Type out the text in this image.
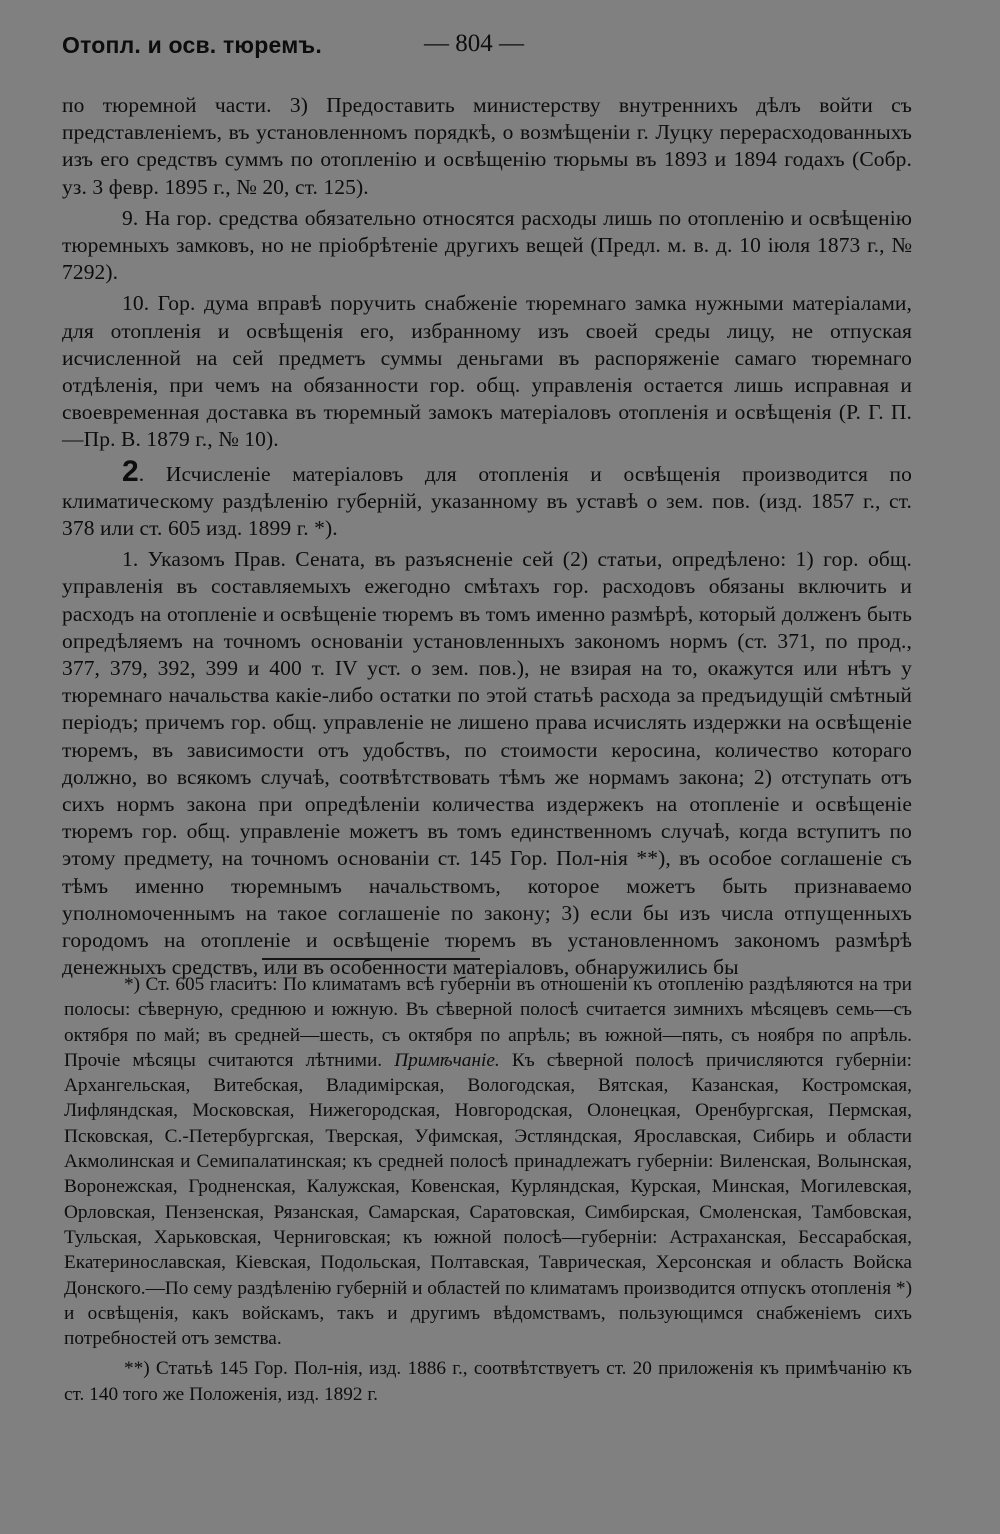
Отопл. и осв. тюремъ.	— 804 —

по тюремной части. 3) Предоставить министерству внутреннихъ дѣлъ войти съ представленіемъ, въ установленномъ порядкѣ, о возмѣщеніи г. Луцку перерасходованныхъ изъ его средствъ суммъ по отопленію и освѣщенію тюрьмы въ 1893 и 1894 годахъ (Собр. уз. 3 февр. 1895 г., № 20, ст. 125).

9. На гор. средства обязательно относятся расходы лишь по отопленію и освѣщенію тюремныхъ замковъ, но не пріобрѣтеніе другихъ вещей (Предл. м. в. д. 10 іюля 1873 г., № 7292).

10. Гор. дума вправѣ поручить снабженіе тюремнаго замка нужными матеріалами, для отопленія и освѣщенія его, избранному изъ своей среды лицу, не отпуская исчисленной на сей предметъ суммы деньгами въ распоряженіе самаго тюремнаго отдѣленія, при чемъ на обязанности гор. общ. управленія остается лишь исправная и своевременная доставка въ тюремный замокъ матеріаловъ отопленія и освѣщенія (Р. Г. П.—Пр. В. 1879 г., № 10).

2. Исчисленіе матеріаловъ для отопленія и освѣщенія производится по климатическому раздѣленію губерній, указанному въ уставѣ о зем. пов. (изд. 1857 г., ст. 378 или ст. 605 изд. 1899 г. *).

1. Указомъ Прав. Сената, въ разъясненіе сей (2) статьи, опредѣлено: 1) гор. общ. управленія въ составляемыхъ ежегодно смѣтахъ гор. расходовъ обязаны включить и расходъ на отопленіе и освѣщеніе тюремъ въ томъ именно размѣрѣ, который долженъ быть опредѣляемъ на точномъ основаніи установленныхъ закономъ нормъ (ст. 371, по прод., 377, 379, 392, 399 и 400 т. IV уст. о зем. пов.), не взирая на то, окажутся или нѣтъ у тюремнаго начальства какіе-либо остатки по этой статьѣ расхода за предъидущій смѣтный періодъ; причемъ гор. общ. управленіе не лишено права исчислять издержки на освѣщеніе тюремъ, въ зависимости отъ удобствъ, по стоимости керосина, количество котораго должно, во всякомъ случаѣ, соотвѣтствовать тѣмъ же нормамъ закона; 2) отступать отъ сихъ нормъ закона при опредѣленіи количества издержекъ на отопленіе и освѣщеніе тюремъ гор. общ. управленіе можетъ въ томъ единственномъ случаѣ, когда вступитъ по этому предмету, на точномъ основаніи ст. 145 Гор. Пол-нія **), въ особое соглашеніе съ тѣмъ именно тюремнымъ начальствомъ, которое можетъ быть признаваемо уполномоченнымъ на такое соглашеніе по закону; 3) если бы изъ числа отпущенныхъ городомъ на отопленіе и освѣщеніе тюремъ въ установленномъ закономъ размѣрѣ денежныхъ средствъ, или въ особенности матеріаловъ, обнаружились бы

*) Ст. 605 гласитъ: По климатамъ всѣ губерніи въ отношеніи къ отопленію раздѣляются на три полосы: сѣверную, среднюю и южную. Въ сѣверной полосѣ считается зимнихъ мѣсяцевъ семь—съ октября по май; въ средней—шесть, съ октября по апрѣль; въ южной—пять, съ ноября по апрѣль. Прочіе мѣсяцы считаются лѣтними. Примѣчаніе. Къ сѣверной полосѣ причисляются губерніи: Архангельская, Витебская, Владимірская, Вологодская, Вятская, Казанская, Костромская, Лифляндская, Московская, Нижегородская, Новгородская, Олонецкая, Оренбургская, Пермская, Псковская, С.-Петербургская, Тверская, Уфимская, Эстляндская, Ярославская, Сибирь и области Акмолинская и Семипалатинская; къ средней полосѣ принадлежатъ губерніи: Виленская, Волынская, Воронежская, Гродненская, Калужская, Ковенская, Курляндская, Курская, Минская, Могилевская, Орловская, Пензенская, Рязанская, Самарская, Саратовская, Симбирская, Смоленская, Тамбовская, Тульская, Харьковская, Черниговская; къ южной полосѣ—губерніи: Астраханская, Бессарабская, Екатеринославская, Кіевская, Подольская, Полтавская, Таврическая, Херсонская и область Войска Донского.—По сему раздѣленію губерній и областей по климатамъ производится отпускъ отопленія *) и освѣщенія, какъ войскамъ, такъ и другимъ вѣдомствамъ, пользующимся снабженіемъ сихъ потребностей отъ земства.

**) Статьѣ 145 Гор. Пол-нія, изд. 1886 г., соотвѣтствуетъ ст. 20 приложенія къ примѣчанію къ ст. 140 того же Положенія, изд. 1892 г.
